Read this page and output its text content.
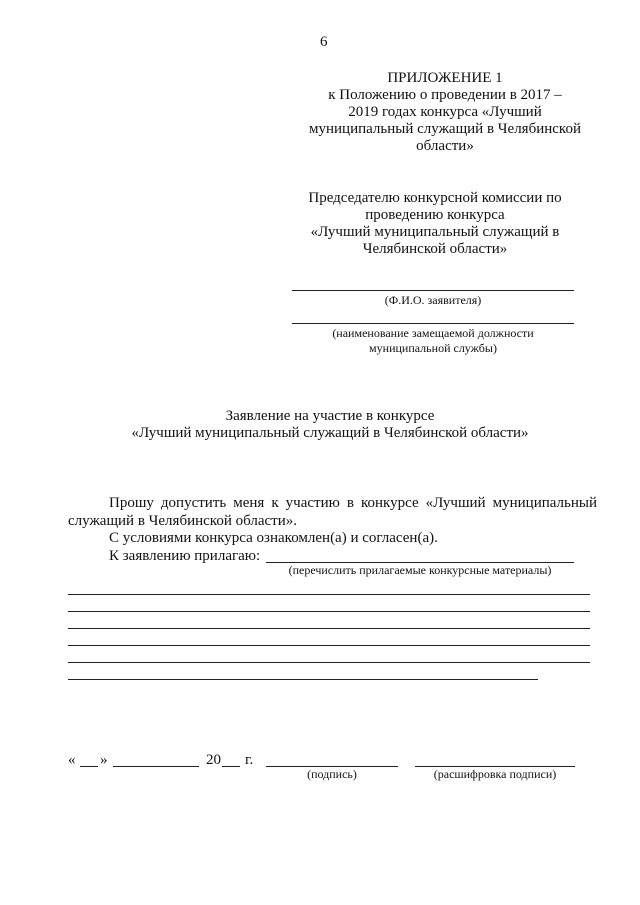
6
ПРИЛОЖЕНИЕ 1
к Положению о проведении в 2017 –
2019 годах конкурса «Лучший
муниципальный служащий в Челябинской
области»
Председателю конкурсной комиссии по
проведению конкурса
«Лучший муниципальный служащий в
Челябинской области»
(Ф.И.О. заявителя)
(наименование замещаемой должности
муниципальной службы)
Заявление на участие в конкурсе
«Лучший муниципальный служащий в Челябинской области»
Прошу допустить меня к участию в конкурсе «Лучший муниципальный
служащий в Челябинской области».
С условиями конкурса ознакомлен(а) и согласен(а).
К заявлению прилагаю:
(перечислить прилагаемые конкурсные материалы)
«	»	20	г.
(подпись)	(расшифровка подписи)
